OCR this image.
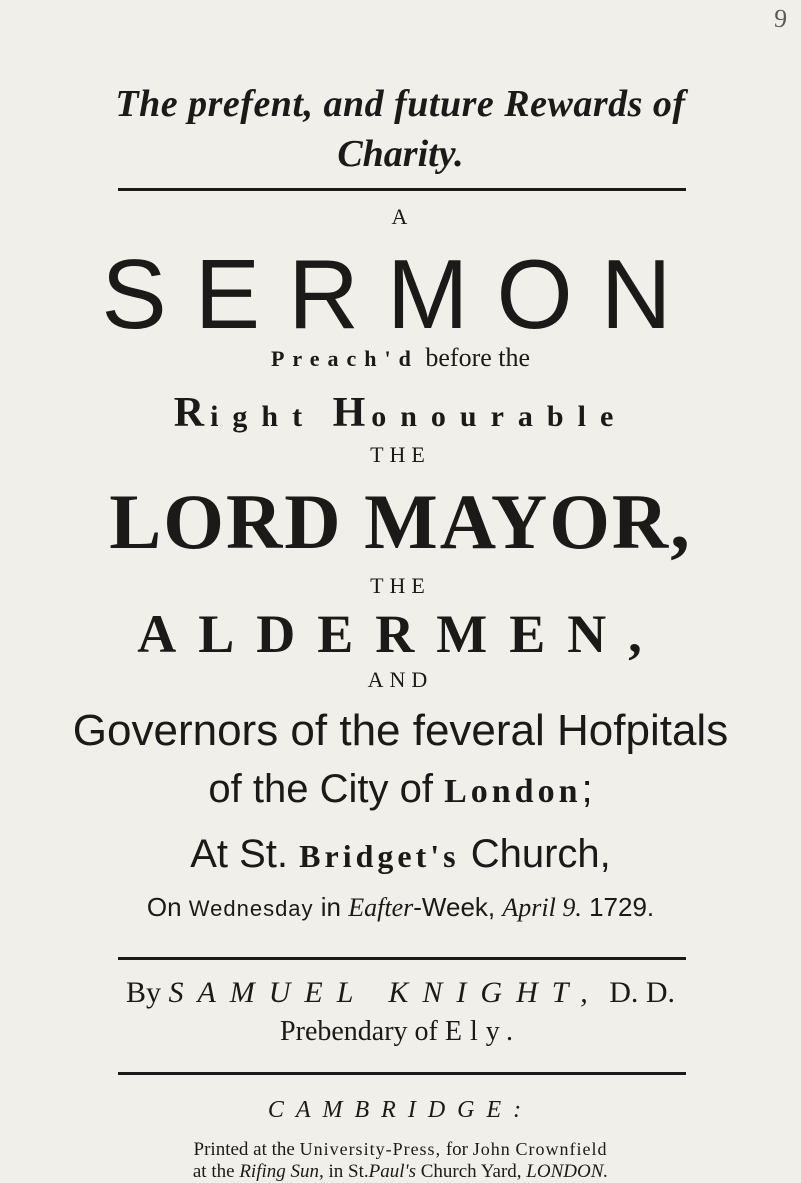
9
The prefent, and future Rewards of
Charity.
A
SERMON
Preach'd before the
Right Honourable
THE
LORD MAYOR,
THE
ALDERMEN,
AND
Governors of the feveral Hofpitals
of the City of London;
At St. Bridget's Church,
On Wednesday in Eafter-Week, April 9. 1729.
By SAMUEL KNIGHT, D. D.
Prebendary of Ely.
CAMBRIDGE:
Printed at the University-Press, for John Crownfield
at the Rifing Sun, in St.Paul's Church Yard, LONDON.
